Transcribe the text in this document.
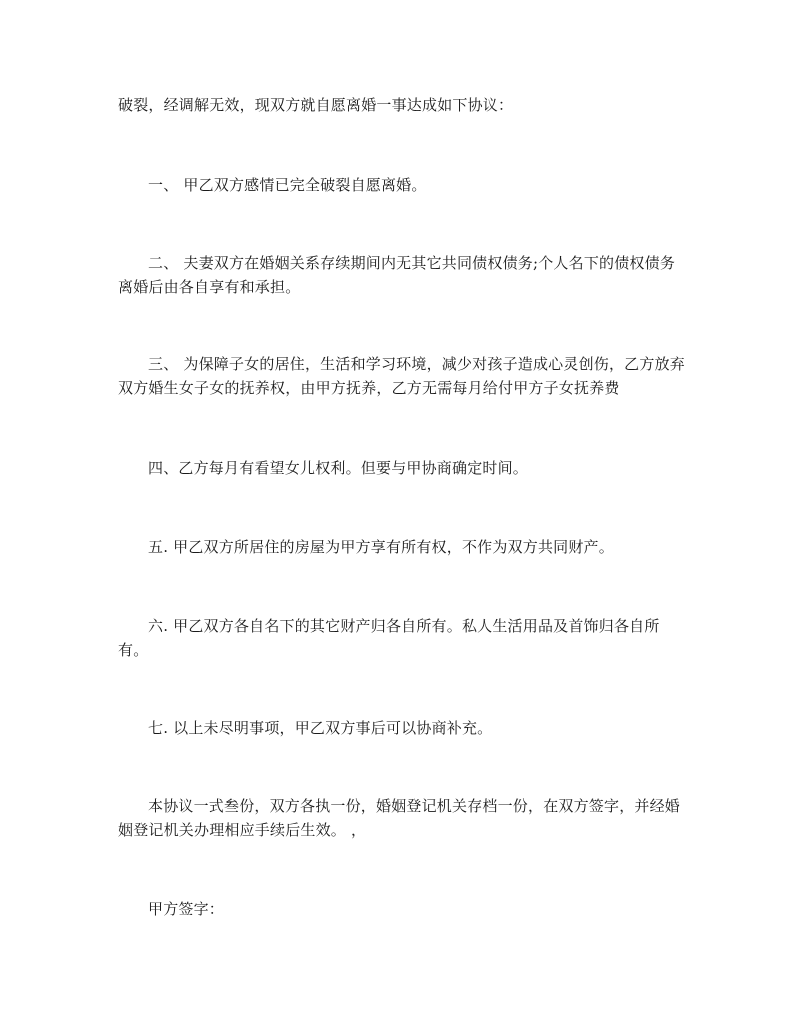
破裂，经调解无效，现双方就自愿离婚一事达成如下协议：

一、 甲乙双方感情已完全破裂自愿离婚。

二、 夫妻双方在婚姻关系存续期间内无其它共同债权债务;个人名下的债权债务离婚后由各自享有和承担。

三、 为保障子女的居住，生活和学习环境，减少对孩子造成心灵创伤，乙方放弃双方婚生女子女的抚养权，由甲方抚养，乙方无需每月给付甲方子女抚养费

四、乙方每月有看望女儿权利。但要与甲协商确定时间。

五. 甲乙双方所居住的房屋为甲方享有所有权，不作为双方共同财产。

六. 甲乙双方各自名下的其它财产归各自所有。私人生活用品及首饰归各自所有。

七. 以上未尽明事项，甲乙双方事后可以协商补充。

本协议一式叁份，双方各执一份，婚姻登记机关存档一份，在双方签字，并经婚姻登记机关办理相应手续后生效。 ，

甲方签字：
